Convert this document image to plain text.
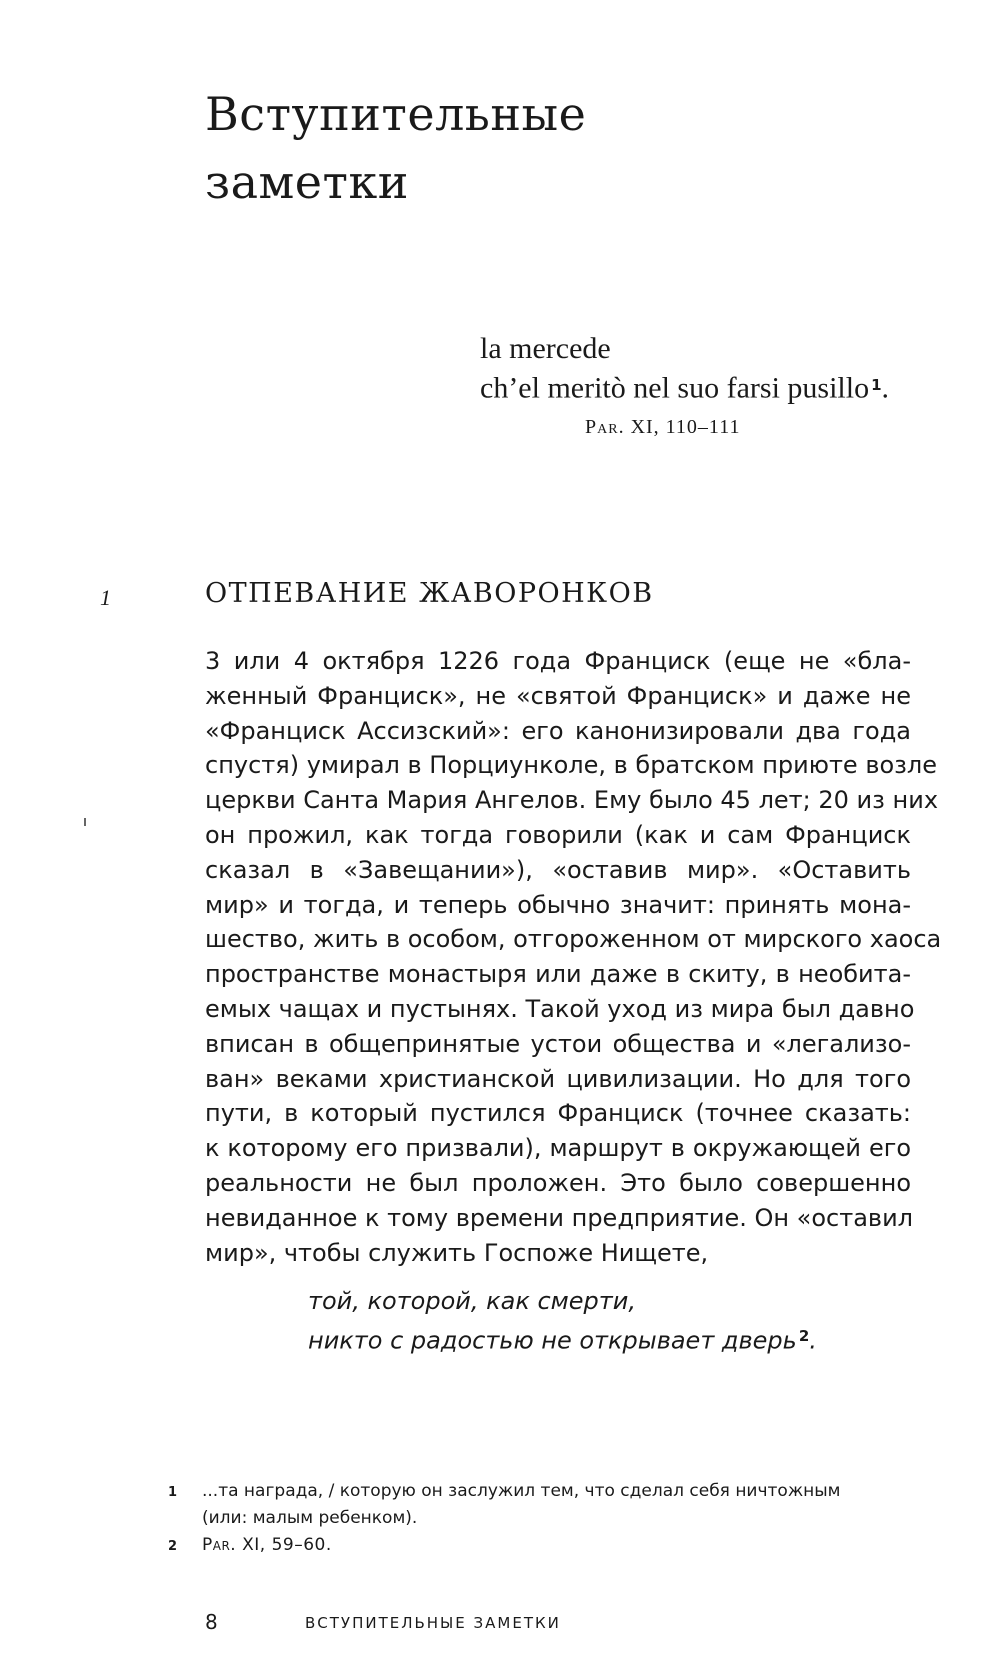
Вступительные
заметки
la mercede
ch’el meritò nel suo farsi pusillo $^1$.
Par. XI, 110–111
1	ОТПЕВАНИЕ ЖАВОРОНКОВ
3 или 4 октября 1226 года Франциск (еще не «бла-
женный Франциск», не «святой Франциск» и даже не
«Франциск Ассизский»: его канонизировали два года
спустя) умирал в Порциунколе, в братском приюте возле
церкви Санта Мария Ангелов. Ему было 45 лет; 20 из них
он прожил, как тогда говорили (как и сам Франциск
сказал в «Завещании»), «оставив мир». «Оставить
мир» и тогда, и теперь обычно значит: принять мона-
шество, жить в особом, отгороженном от мирского хаоса
пространстве монастыря или даже в скиту, в необита-
емых чащах и пустынях. Такой уход из мира был давно
вписан в общепринятые устои общества и «легализо-
ван» веками христианской цивилизации. Но для того
пути, в который пустился Франциск (точнее сказать:
к которому его призвали), маршрут в окружающей его
реальности не был проложен. Это было совершенно
невиданное к тому времени предприятие. Он «оставил
мир», чтобы служить Госпоже Нищете,
той, которой, как смерти,
никто с радостью не открывает дверь $^2$.
1 ...та награда, / которую он заслужил тем, что сделал себя ничтожным
(или: малым ребенком).
2 Par. XI, 59–60.
8	ВСТУПИТЕЛЬНЫЕ ЗАМЕТКИ
